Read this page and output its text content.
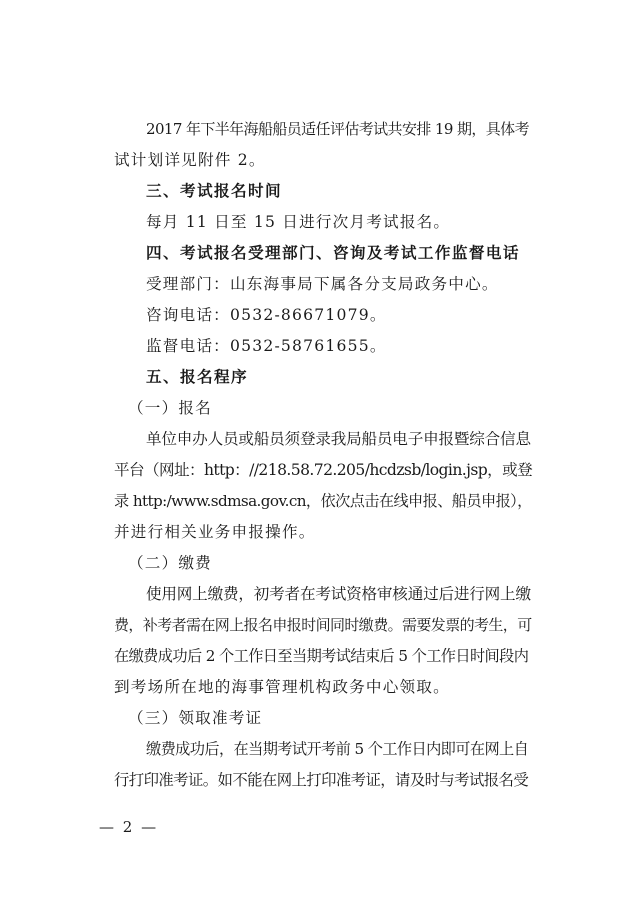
2017 年下半年海船船员适任评估考试共安排 19 期，具体考
试计划详见附件 2。
三、考试报名时间
每月 11 日至 15 日进行次月考试报名。
四、考试报名受理部门、咨询及考试工作监督电话
受理部门：山东海事局下属各分支局政务中心。
咨询电话：0532-86671079。
监督电话：0532-58761655。
五、报名程序
（一）报名
单位申办人员或船员须登录我局船员电子申报暨综合信息
平台（网址：http：//218.58.72.205/hcdzsb/login.jsp，或登
录 http:/www.sdmsa.gov.cn，依次点击在线申报、船员申报），
并进行相关业务申报操作。
（二）缴费
使用网上缴费，初考者在考试资格审核通过后进行网上缴
费，补考者需在网上报名申报时间同时缴费。需要发票的考生，可
在缴费成功后 2 个工作日至当期考试结束后 5 个工作日时间段内
到考场所在地的海事管理机构政务中心领取。
（三）领取准考证
缴费成功后，在当期考试开考前 5 个工作日内即可在网上自
行打印准考证。如不能在网上打印准考证，请及时与考试报名受
— 2 —
